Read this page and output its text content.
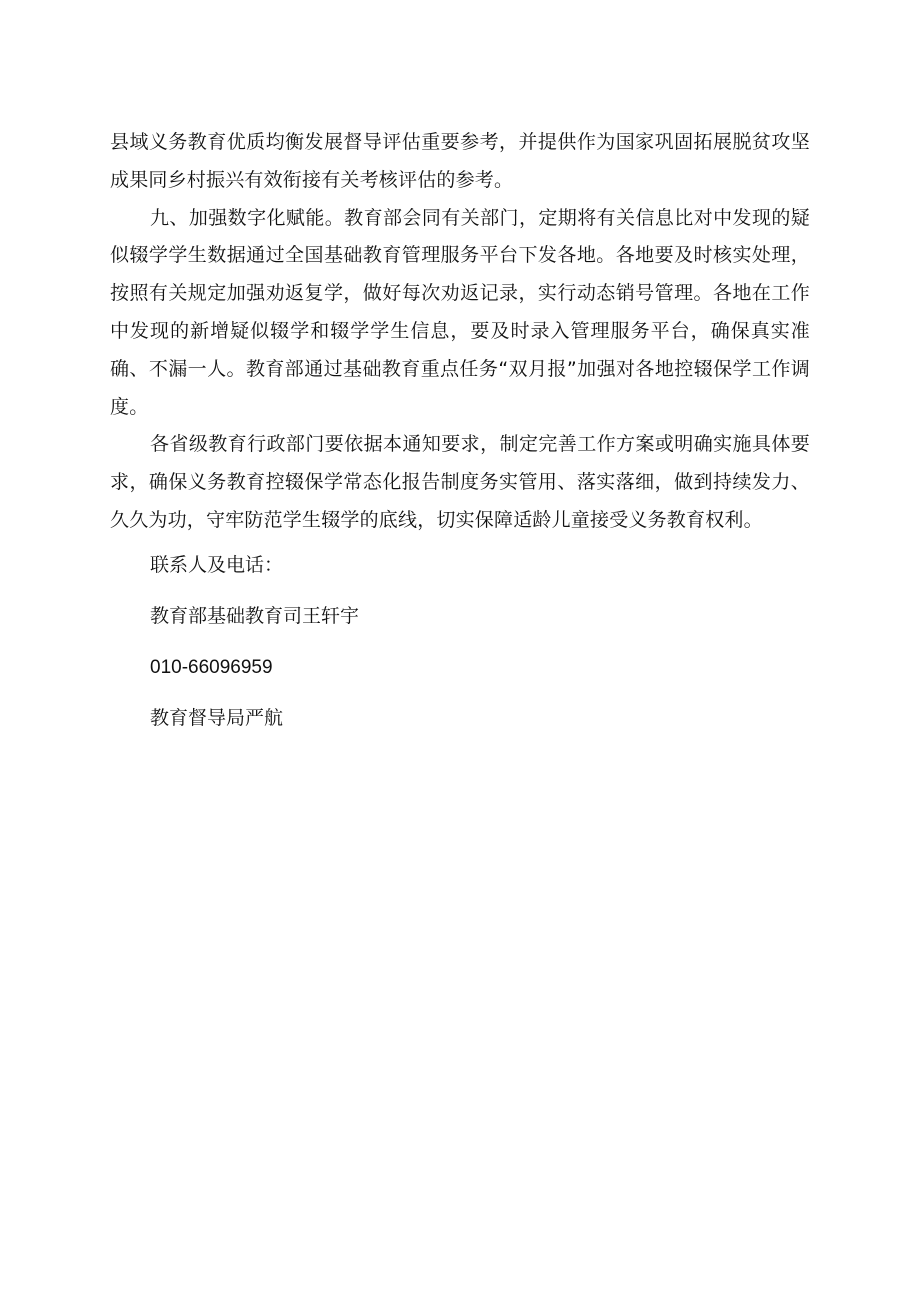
县域义务教育优质均衡发展督导评估重要参考，并提供作为国家巩固拓展脱贫攻坚成果同乡村振兴有效衔接有关考核评估的参考。

九、加强数字化赋能。教育部会同有关部门，定期将有关信息比对中发现的疑似辍学学生数据通过全国基础教育管理服务平台下发各地。各地要及时核实处理，按照有关规定加强劝返复学，做好每次劝返记录，实行动态销号管理。各地在工作中发现的新增疑似辍学和辍学学生信息，要及时录入管理服务平台，确保真实准确、不漏一人。教育部通过基础教育重点任务“双月报”加强对各地控辍保学工作调度。

各省级教育行政部门要依据本通知要求，制定完善工作方案或明确实施具体要求，确保义务教育控辍保学常态化报告制度务实管用、落实落细，做到持续发力、久久为功，守牢防范学生辍学的底线，切实保障适龄儿童接受义务教育权利。

联系人及电话：

教育部基础教育司王轩宇

010-66096959

教育督导局严航
